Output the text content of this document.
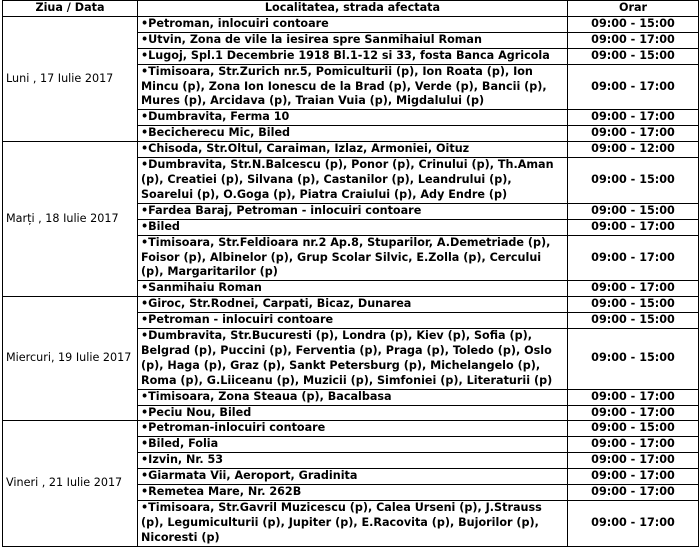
Ziua / Data	Localitatea, strada afectata	Orar
Luni , 17 Iulie 2017	•Petroman, inlocuiri contoare	09:00 - 15:00
	•Utvin, Zona de vile la iesirea spre Sanmihaiul Roman	09:00 - 17:00
	•Lugoj, Spl.1 Decembrie 1918 Bl.1-12 si 33, fosta Banca Agricola	09:00 - 15:00
	•Timisoara, Str.Zurich nr.5, Pomiculturii (p), Ion Roata (p), Ion Mincu (p), Zona Ion Ionescu de la Brad (p), Verde (p), Bancii (p), Mures (p), Arcidava (p), Traian Vuia (p), Migdalului (p)	09:00 - 17:00
	•Dumbravita, Ferma 10	09:00 - 17:00
	•Becicherecu Mic, Biled	09:00 - 17:00
Marți , 18 Iulie 2017	•Chisoda, Str.Oltul, Caraiman, Izlaz, Armoniei, Oituz	09:00 - 12:00
	•Dumbravita, Str.N.Balcescu (p), Ponor (p), Crinului (p), Th.Aman (p), Creatiei (p), Silvana (p), Castanilor (p), Leandrului (p), Soarelui (p), O.Goga (p), Piatra Craiului (p), Ady Endre (p)	09:00 - 15:00
	•Fardea Baraj, Petroman - inlocuiri contoare	09:00 - 15:00
	•Biled	09:00 - 17:00
	•Timisoara, Str.Feldioara nr.2 Ap.8, Stuparilor, A.Demetriade (p), Foisor (p), Albinelor (p), Grup Scolar Silvic, E.Zolla (p), Cercului (p), Margaritarilor (p)	09:00 - 17:00
	•Sanmihaiu Roman	09:00 - 17:00
Miercuri, 19 Iulie 2017	•Giroc, Str.Rodnei, Carpati, Bicaz, Dunarea	09:00 - 15:00
	•Petroman - inlocuiri contoare	09:00 - 15:00
	•Dumbravita, Str.Bucuresti (p), Londra (p), Kiev (p), Sofia (p), Belgrad (p), Puccini (p), Ferventia (p), Praga (p), Toledo (p), Oslo (p), Haga (p), Graz (p), Sankt Petersburg (p), Michelangelo (p), Roma (p), G.Liiceanu (p), Muzicii (p), Simfoniei (p), Literaturii (p)	09:00 - 15:00
	•Timisoara, Zona Steaua (p), Bacalbasa	09:00 - 17:00
	•Peciu Nou, Biled	09:00 - 17:00
Vineri , 21 Iulie 2017	•Petroman-inlocuiri contoare	09:00 - 15:00
	•Biled, Folia	09:00 - 17:00
	•Izvin, Nr. 53	09:00 - 17:00
	•Giarmata Vii, Aeroport, Gradinita	09:00 - 17:00
	•Remetea Mare, Nr. 262B	09:00 - 17:00
	•Timisoara, Str.Gavril Muzicescu (p), Calea Urseni (p), J.Strauss (p), Legumiculturii (p), Jupiter (p), E.Racovita (p), Bujorilor (p), Nicoresti (p)	09:00 - 17:00
